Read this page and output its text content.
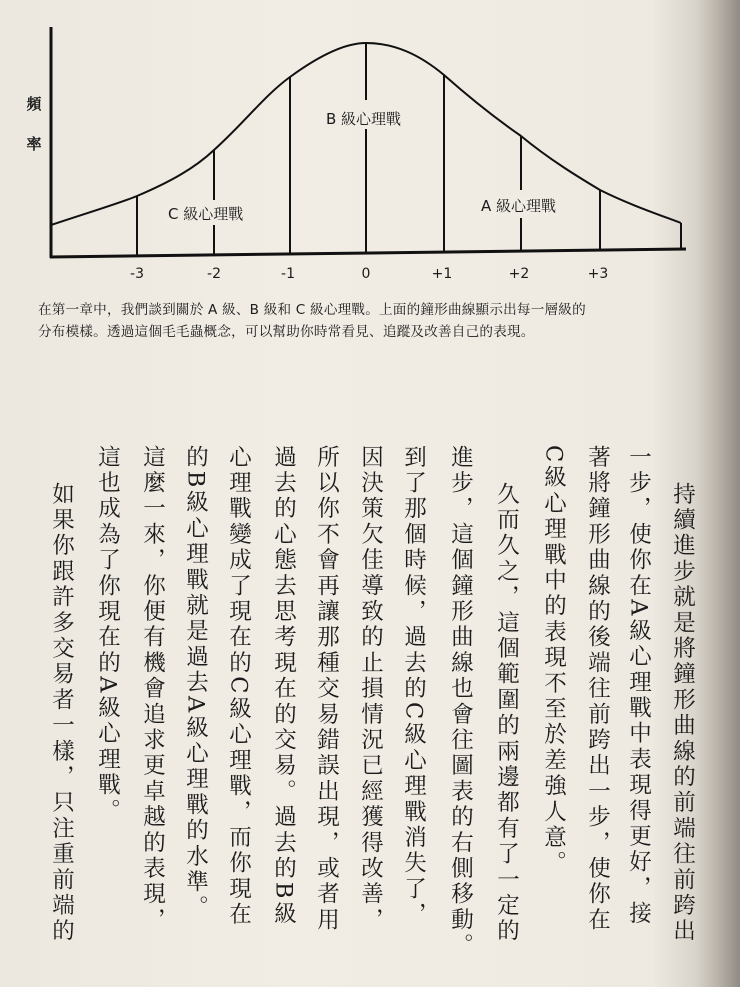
頻
率
C 級心理戰
B 級心理戰
A 級心理戰
-3	-2	-1	0	+1	+2	+3
在第一章中，我們談到關於 A 級、B 級和 C 級心理戰。上面的鐘形曲線顯示出每一層級的
分布模樣。透過這個毛毛蟲概念，可以幫助你時常看見、追蹤及改善自己的表現。
持續進步就是將鐘形曲線的前端往前跨出
一步，使你在A級心理戰中表現得更好，接
著將鐘形曲線的後端往前跨出一步，使你在
C級心理戰中的表現不至於差強人意。
久而久之，這個範圍的兩邊都有了一定的
進步，這個鐘形曲線也會往圖表的右側移動。
到了那個時候，過去的C級心理戰消失了，
因決策欠佳導致的止損情況已經獲得改善，
所以你不會再讓那種交易錯誤出現，或者用
過去的心態去思考現在的交易。過去的B級
心理戰變成了現在的C級心理戰，而你現在
的B級心理戰就是過去A級心理戰的水準。
這麼一來，你便有機會追求更卓越的表現，
這也成為了你現在的A級心理戰。
如果你跟許多交易者一樣，只注重前端的
